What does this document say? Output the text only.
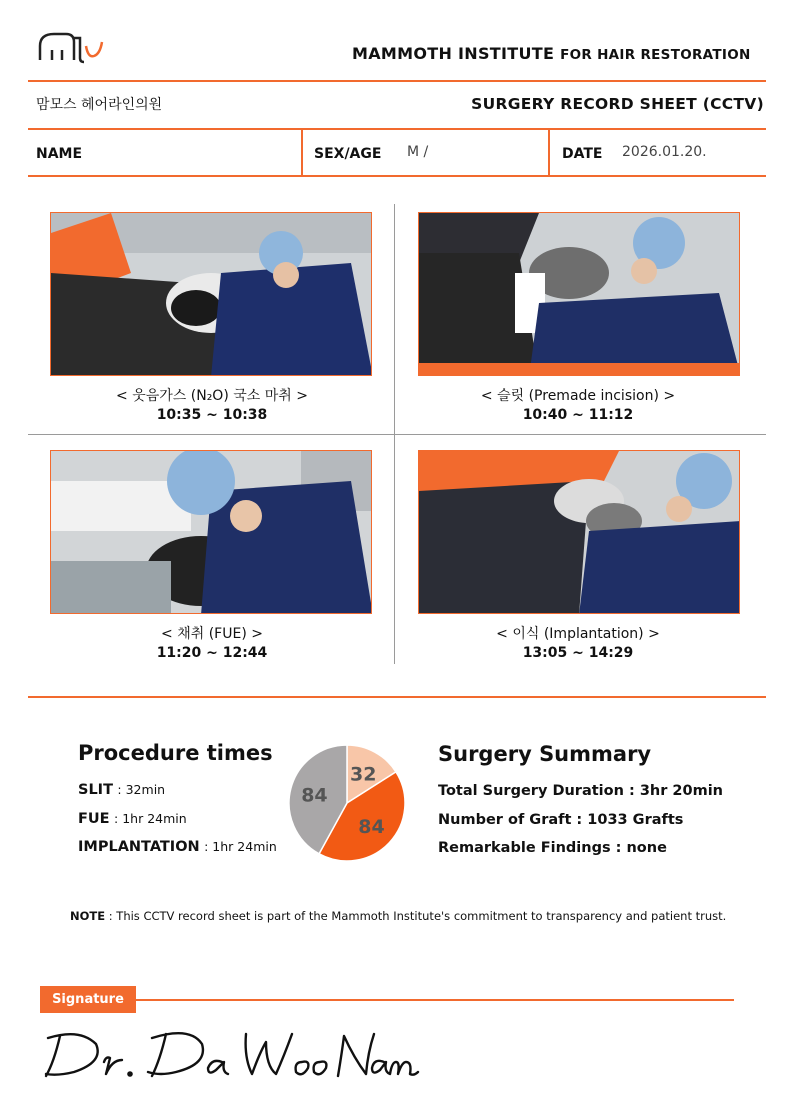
MAMMOTH INSTITUTE FOR HAIR RESTORATION
맘모스 헤어라인의원	SURGERY RECORD SHEET (CCTV)
NAME	SEX/AGE M /	DATE 2026.01.20.
< 웃음가스 (N₂O) 국소 마취 >
10:35 ~ 10:38
< 슬릿 (Premade incision) >
10:40 ~ 11:12
< 채취 (FUE) >
11:20 ~ 12:44
< 이식 (Implantation) >
13:05 ~ 14:29
Procedure times
SLIT : 32min
FUE : 1hr 24min
IMPLANTATION : 1hr 24min
32
84
84
Surgery Summary
Total Surgery Duration : 3hr 20min
Number of Graft : 1033 Grafts
Remarkable Findings : none
NOTE : This CCTV record sheet is part of the Mammoth Institute's commitment to transparency and patient trust.
Signature
